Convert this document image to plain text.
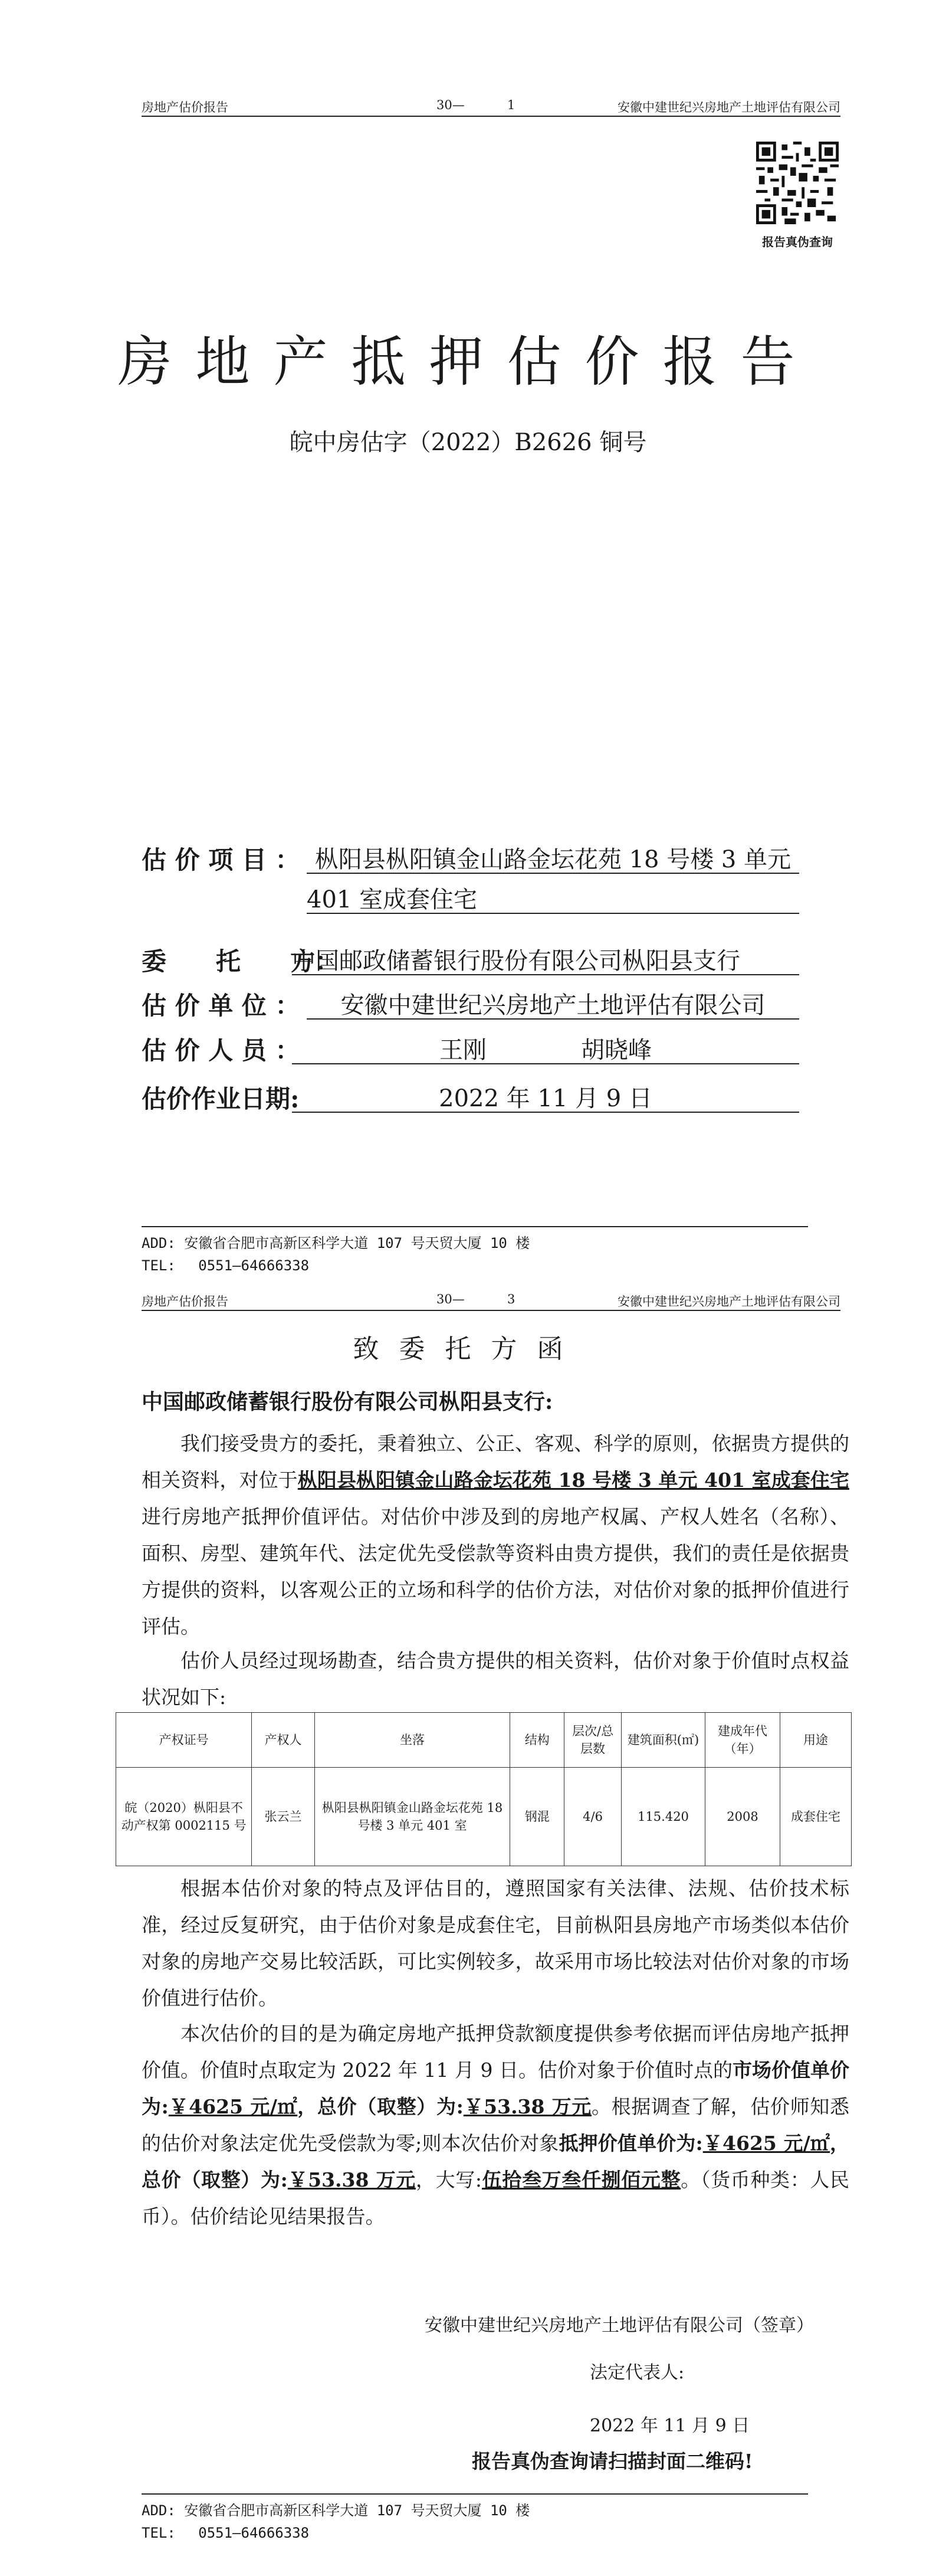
房地产估价报告	30—	1	安徽中建世纪兴房地产土地评估有限公司
报告真伪查询
房地产抵押估价报告
皖中房估字（2022）B2626 铜号
估 价 项 目 ： 枞阳县枞阳镇金山路金坛花苑 18 号楼 3 单元
401 室成套住宅
委　　托　　方：
中国邮政储蓄银行股份有限公司枞阳县支行
估 价 单 位 ：	安徽中建世纪兴房地产土地评估有限公司
估 价 人 员 ：	王刚　　　　胡晓峰
估价作业日期:	2022 年 11 月 9 日
ADD: 安徽省合肥市高新区科学大道 107 号天贸大厦 10 楼
TEL:　 0551—64666338
房地产估价报告	30—	3	安徽中建世纪兴房地产土地评估有限公司
致委托方函
中国邮政储蓄银行股份有限公司枞阳县支行:
我们接受贵方的委托，秉着独立、公正、客观、科学的原则，依据贵方提供的相关资料，对位于枞阳县枞阳镇金山路金坛花苑 18 号楼 3 单元 401 室成套住宅进行房地产抵押价值评估。对估价中涉及到的房地产权属、产权人姓名（名称）、面积、房型、建筑年代、法定优先受偿款等资料由贵方提供，我们的责任是依据贵方提供的资料，以客观公正的立场和科学的估价方法，对估价对象的抵押价值进行评估。
估价人员经过现场勘查，结合贵方提供的相关资料，估价对象于价值时点权益状况如下:
产权证号	产权人	坐落	结构	层次/总层数	建筑面积(㎡)	建成年代（年）	用途
皖（2020）枞阳县不动产权第 0002115 号	张云兰	枞阳县枞阳镇金山路金坛花苑 18 号楼 3 单元 401 室	钢混	4/6	115.420	2008	成套住宅
根据本估价对象的特点及评估目的，遵照国家有关法律、法规、估价技术标准，经过反复研究，由于估价对象是成套住宅，目前枞阳县房地产市场类似本估价对象的房地产交易比较活跃，可比实例较多，故采用市场比较法对估价对象的市场价值进行估价。
本次估价的目的是为确定房地产抵押贷款额度提供参考依据而评估房地产抵押价值。价值时点取定为 2022 年 11 月 9 日。估价对象于价值时点的市场价值单价为:￥4625 元/㎡，总价（取整）为:￥53.38 万元。根据调查了解，估价师知悉的估价对象法定优先受偿款为零;则本次估价对象抵押价值单价为:￥4625 元/㎡，总价（取整）为:￥53.38 万元，大写:伍拾叁万叁仟捌佰元整。（货币种类：人民币）。估价结论见结果报告。
安徽中建世纪兴房地产土地评估有限公司（签章）
法定代表人:
2022 年 11 月 9 日
报告真伪查询请扫描封面二维码!
ADD: 安徽省合肥市高新区科学大道 107 号天贸大厦 10 楼
TEL:　 0551—64666338
